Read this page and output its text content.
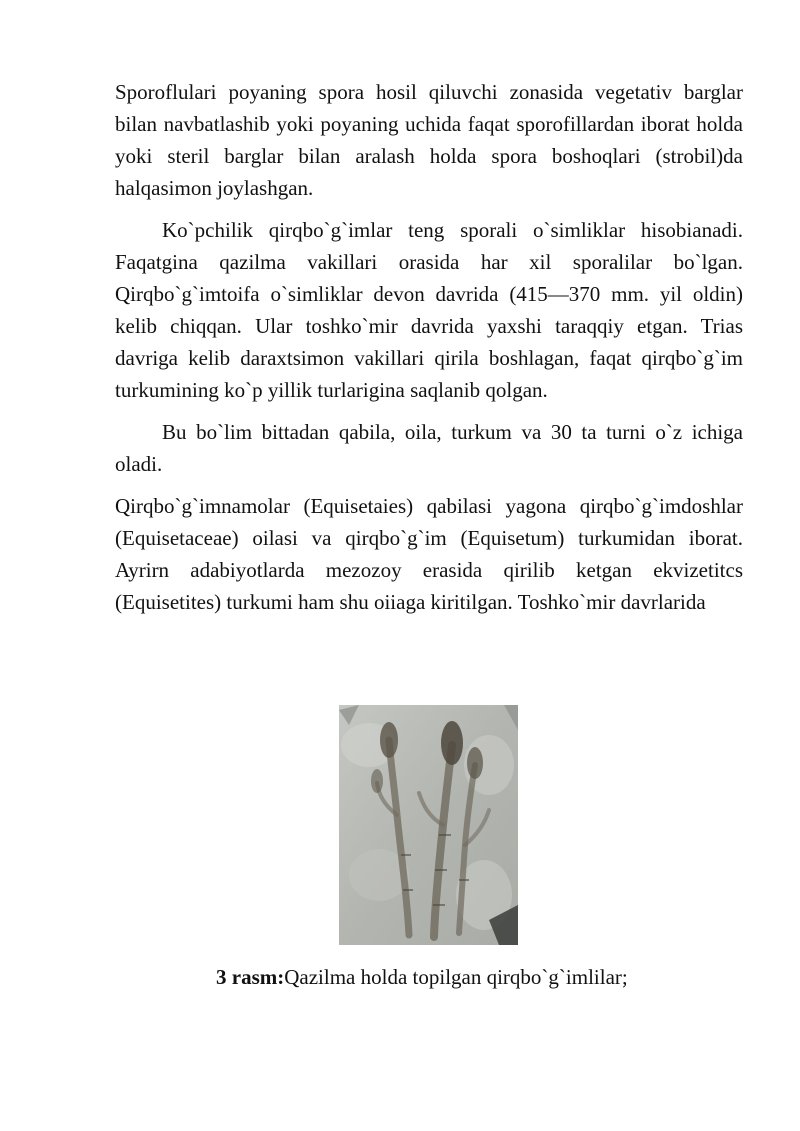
Sporoflulari poyaning spora hosil qiluvchi zonasida vegetativ barglar bilan navbatlashib yoki poyaning uchida faqat sporofillardan iborat holda yoki steril barglar bilan aralash holda spora boshoqlari (strobil)da halqasimon joylashgan.

Ko`pchilik qirqbo`g`imlar teng sporali o`simliklar hisobianadi. Faqatgina qazilma vakillari orasida har xil sporalilar bo`lgan. Qirqbo`g`imtoifa o`simliklar devon davrida (415—370 mm. yil oldin) kelib chiqqan. Ular toshko`mir davrida yaxshi taraqqiy etgan. Trias davriga kelib daraxtsimon vakillari qirila boshlagan, faqat qirqbo`g`im turkumining ko`p yillik turlarigina saqlanib qolgan.

Bu bo`lim bittadan qabila, oila, turkum va 30 ta turni o`z ichiga oladi.

Qirqbo`g`imnamolar (Equisetaies) qabilasi yagona qirqbo`g`imdoshlar (Equisetaceae) oilasi va qirqbo`g`im (Equisetum) turkumidan iborat. Ayrirn adabiyotlarda mezozoy erasida qirilib ketgan ekvizetitcs (Equisetites) turkumi ham shu oiiaga kiritilgan. Toshko`mir davrlarida

3 rasm:Qazilma holda topilgan qirqbo`g`imlilar;
